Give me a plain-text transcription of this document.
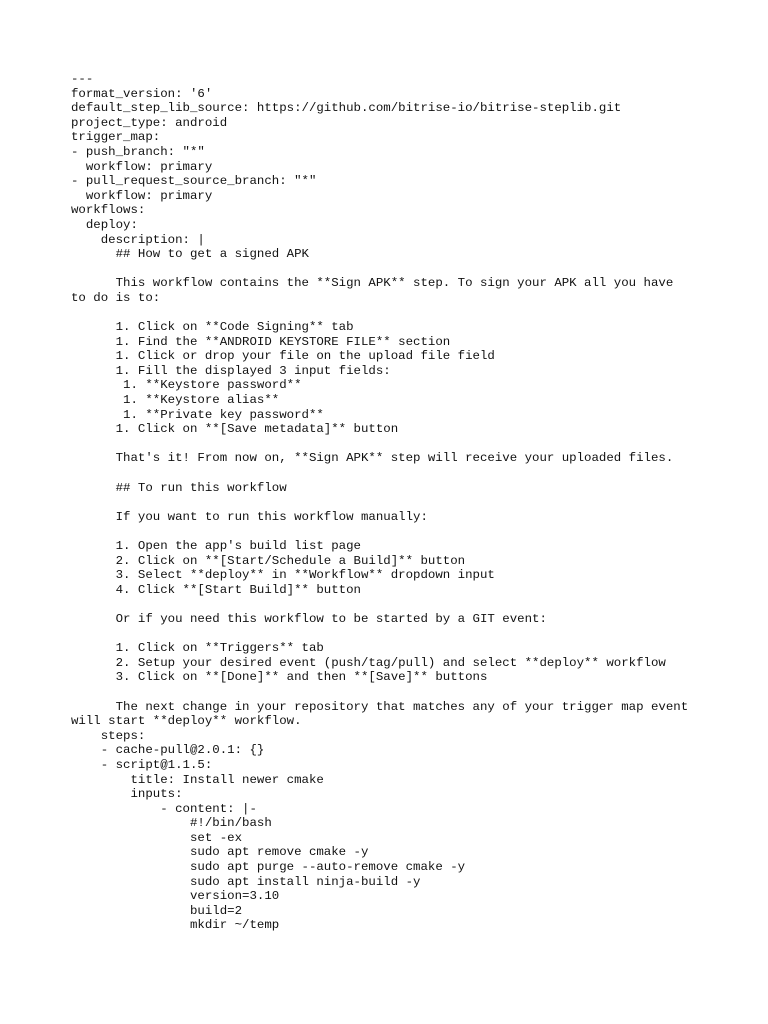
---
format_version: '6'
default_step_lib_source: https://github.com/bitrise-io/bitrise-steplib.git
project_type: android
trigger_map:
- push_branch: "*"
workflow: primary
- pull_request_source_branch: "*"
workflow: primary
workflows:
deploy:
description: |
## How to get a signed APK
This workflow contains the **Sign APK** step. To sign your APK all you have
to do is to:
1. Click on **Code Signing** tab
1. Find the **ANDROID KEYSTORE FILE** section
1. Click or drop your file on the upload file field
1. Fill the displayed 3 input fields:
1. **Keystore password**
1. **Keystore alias**
1. **Private key password**
1. Click on **[Save metadata]** button
That's it! From now on, **Sign APK** step will receive your uploaded files.
## To run this workflow
If you want to run this workflow manually:
1. Open the app's build list page
2. Click on **[Start/Schedule a Build]** button
3. Select **deploy** in **Workflow** dropdown input
4. Click **[Start Build]** button
Or if you need this workflow to be started by a GIT event:
1. Click on **Triggers** tab
2. Setup your desired event (push/tag/pull) and select **deploy** workflow
3. Click on **[Done]** and then **[Save]** buttons
The next change in your repository that matches any of your trigger map event
will start **deploy** workflow.
steps:
- cache-pull@2.0.1: {}
- script@1.1.5:
title: Install newer cmake
inputs:
- content: |-
#!/bin/bash
set -ex
sudo apt remove cmake -y
sudo apt purge --auto-remove cmake -y
sudo apt install ninja-build -y
version=3.10
build=2
mkdir ~/temp
